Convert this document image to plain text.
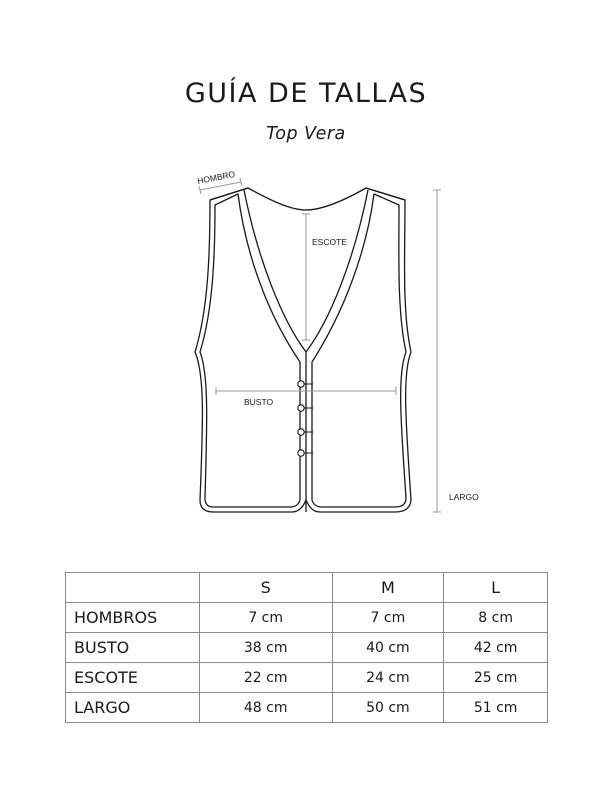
GUÍA DE TALLAS
Top Vera
HOMBRO
ESCOTE
BUSTO
LARGO
	S	M	L
HOMBROS	7 cm	7 cm	8 cm
BUSTO	38 cm	40 cm	42 cm
ESCOTE	22 cm	24 cm	25 cm
LARGO	48 cm	50 cm	51 cm
